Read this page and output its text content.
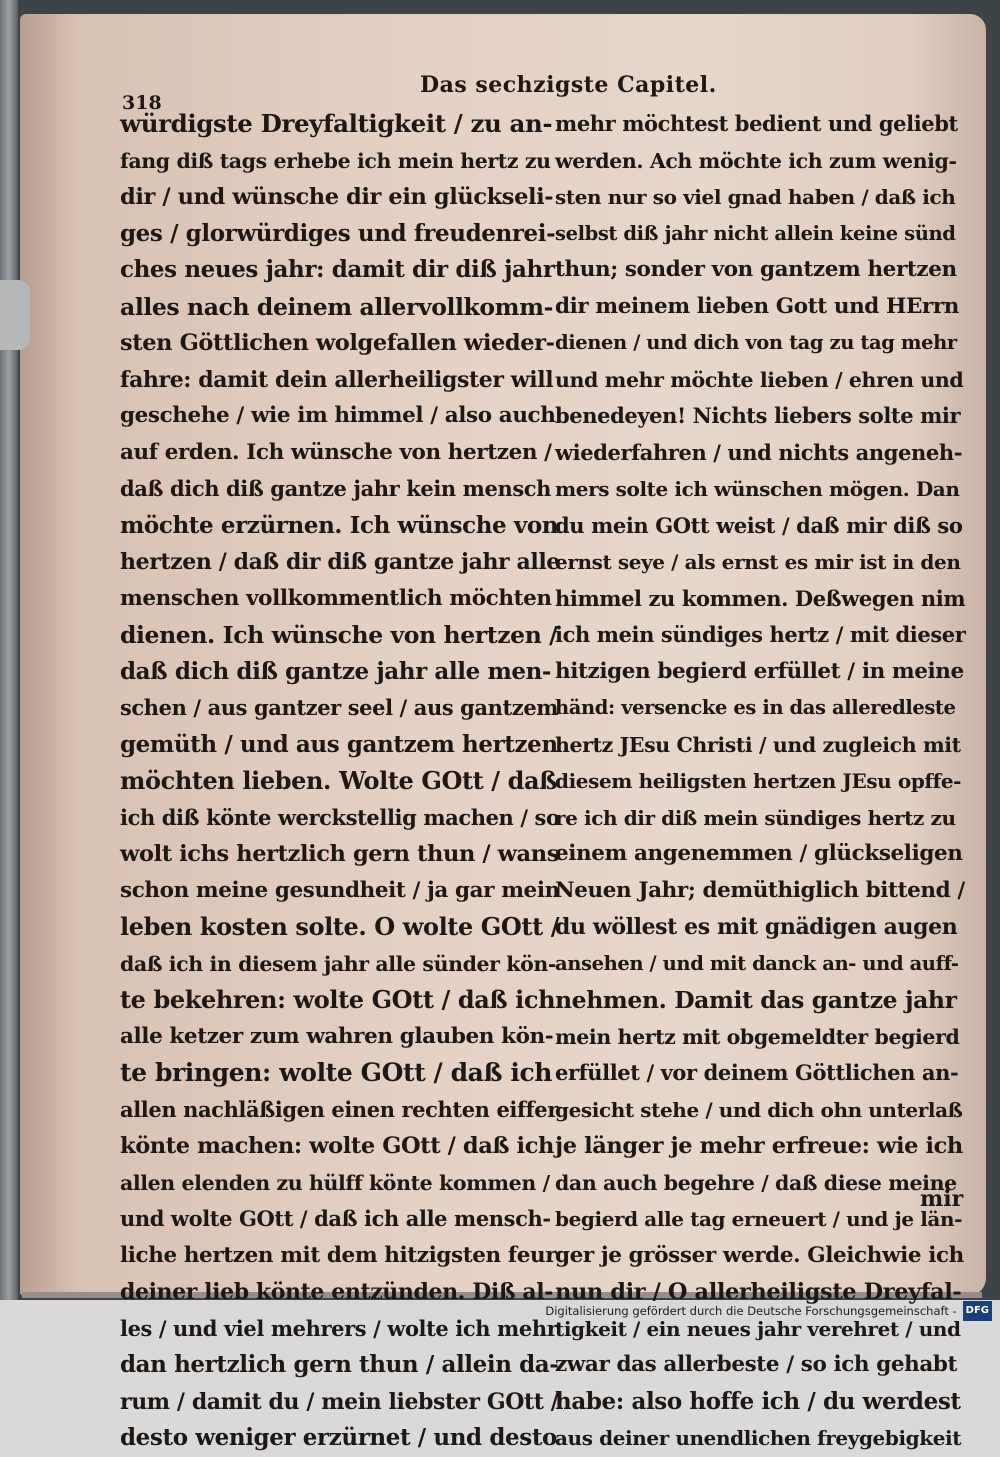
318
Das sechzigste Capitel.
würdigste Dreyfaltigkeit / zu an-
fang diß tags erhebe ich mein hertz zu
dir / und wünsche dir ein glückseli-
ges / glorwürdiges und freudenrei-
ches neues jahr: damit dir diß jahr
alles nach deinem allervollkomm-
sten Göttlichen wolgefallen wieder-
fahre: damit dein allerheiligster will
geschehe / wie im himmel / also auch
auf erden. Ich wünsche von hertzen /
daß dich diß gantze jahr kein mensch
möchte erzürnen. Ich wünsche von
hertzen / daß dir diß gantze jahr alle
menschen vollkommentlich möchten
dienen. Ich wünsche von hertzen /
daß dich diß gantze jahr alle men-
schen / aus gantzer seel / aus gantzem
gemüth / und aus gantzem hertzen
möchten lieben. Wolte GOtt / daß
ich diß könte werckstellig machen / so
wolt ichs hertzlich gern thun / wans
schon meine gesundheit / ja gar mein
leben kosten solte. O wolte GOtt /
daß ich in diesem jahr alle sünder kön-
te bekehren: wolte GOtt / daß ich
alle ketzer zum wahren glauben kön-
te bringen: wolte GOtt / daß ich
allen nachläßigen einen rechten eiffer
könte machen: wolte GOtt / daß ich
allen elenden zu hülff könte kommen /
und wolte GOtt / daß ich alle mensch-
liche hertzen mit dem hitzigsten feur
deiner lieb könte entzünden. Diß al-
les / und viel mehrers / wolte ich mehr
dan hertzlich gern thun / allein da-
rum / damit du / mein liebster GOtt /
desto weniger erzürnet / und desto
mehr möchtest bedient und geliebt
werden. Ach möchte ich zum wenig-
sten nur so viel gnad haben / daß ich
selbst diß jahr nicht allein keine sünd
thun; sonder von gantzem hertzen
dir meinem lieben Gott und HErrn
dienen / und dich von tag zu tag mehr
und mehr möchte lieben / ehren und
benedeyen! Nichts liebers solte mir
wiederfahren / und nichts angeneh-
mers solte ich wünschen mögen. Dan
du mein GOtt weist / daß mir diß so
ernst seye / als ernst es mir ist in den
himmel zu kommen. Deßwegen nim
ich mein sündiges hertz / mit dieser
hitzigen begierd erfüllet / in meine
händ: versencke es in das alleredleste
hertz JEsu Christi / und zugleich mit
diesem heiligsten hertzen JEsu opffe-
re ich dir diß mein sündiges hertz zu
einem angenemmen / glückseligen
Neuen Jahr; demüthiglich bittend /
du wöllest es mit gnädigen augen
ansehen / und mit danck an- und auff-
nehmen. Damit das gantze jahr
mein hertz mit obgemeldter begierd
erfüllet / vor deinem Göttlichen an-
gesicht stehe / und dich ohn unterlaß
je länger je mehr erfreue: wie ich
dan auch begehre / daß diese meine
begierd alle tag erneuert / und je län-
ger je grösser werde. Gleichwie ich
nun dir / O allerheiligste Dreyfal-
tigkeit / ein neues jahr verehret / und
zwar das allerbeste / so ich gehabt
habe: also hoffe ich / du werdest
aus deiner unendlichen freygebigkeit
mir
Digitalisierung gefördert durch die Deutsche Forschungsgemeinschaft - DFG
